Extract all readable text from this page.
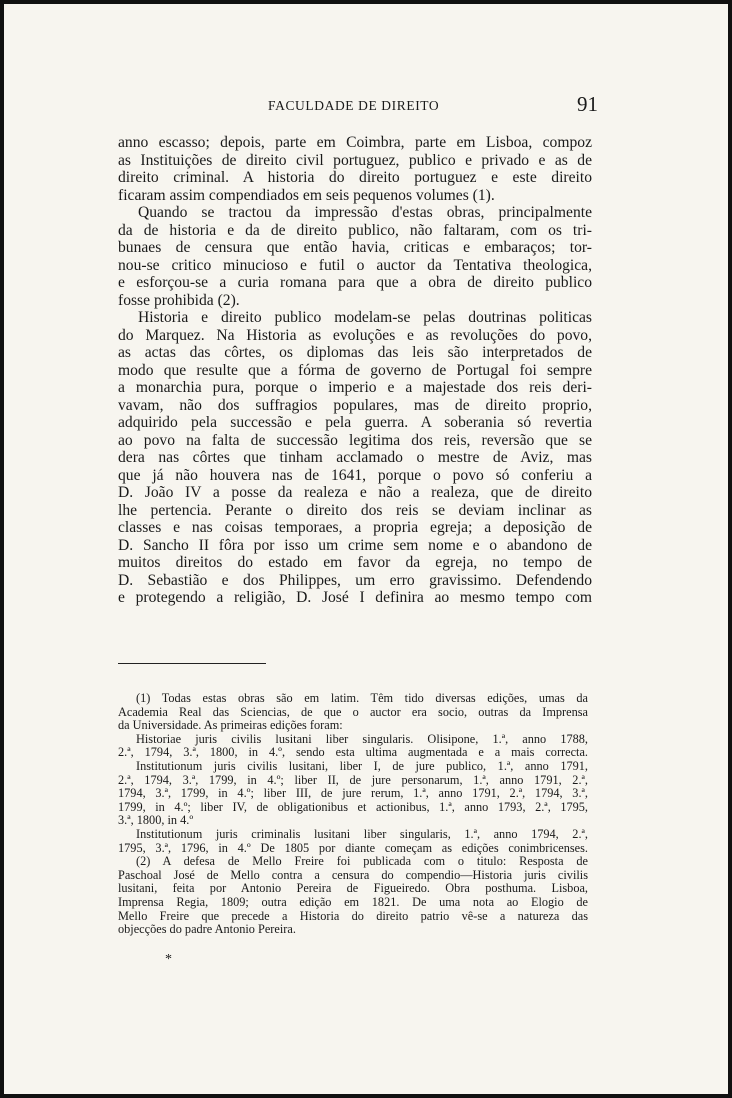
FACULDADE DE DIREITO	91
anno escasso; depois, parte em Coimbra, parte em Lisboa, compoz
as Instituições de direito civil portuguez, publico e privado e as de
direito criminal. A historia do direito portuguez e este direito
ficaram assim compendiados em seis pequenos volumes (1).
Quando se tractou da impressão d'estas obras, principalmente
da de historia e da de direito publico, não faltaram, com os tri-
bunaes de censura que então havia, criticas e embaraços; tor-
nou-se critico minucioso e futil o auctor da Tentativa theologica,
e esforçou-se a curia romana para que a obra de direito publico
fosse prohibida (2).
Historia e direito publico modelam-se pelas doutrinas politicas
do Marquez. Na Historia as evoluções e as revoluções do povo,
as actas das côrtes, os diplomas das leis são interpretados de
modo que resulte que a fórma de governo de Portugal foi sempre
a monarchia pura, porque o imperio e a majestade dos reis deri-
vavam, não dos suffragios populares, mas de direito proprio,
adquirido pela successão e pela guerra. A soberania só revertia
ao povo na falta de successão legitima dos reis, reversão que se
dera nas côrtes que tinham acclamado o mestre de Aviz, mas
que já não houvera nas de 1641, porque o povo só conferiu a
D. João IV a posse da realeza e não a realeza, que de direito
lhe pertencia. Perante o direito dos reis se deviam inclinar as
classes e nas coisas temporaes, a propria egreja; a deposição de
D. Sancho II fôra por isso um crime sem nome e o abandono de
muitos direitos do estado em favor da egreja, no tempo de
D. Sebastião e dos Philippes, um erro gravissimo. Defendendo
e protegendo a religião, D. José I definira ao mesmo tempo com
(1) Todas estas obras são em latim. Têm tido diversas edições, umas da
Academia Real das Sciencias, de que o auctor era socio, outras da Imprensa
da Universidade. As primeiras edições foram:
Historiae juris civilis lusitani liber singularis. Olisipone, 1.ª, anno 1788,
2.ª, 1794, 3.ª, 1800, in 4.º, sendo esta ultima augmentada e a mais correcta.
Institutionum juris civilis lusitani, liber I, de jure publico, 1.ª, anno 1791,
2.ª, 1794, 3.ª, 1799, in 4.º; liber II, de jure personarum, 1.ª, anno 1791, 2.ª,
1794, 3.ª, 1799, in 4.º; liber III, de jure rerum, 1.ª, anno 1791, 2.ª, 1794, 3.ª,
1799, in 4.º; liber IV, de obligationibus et actionibus, 1.ª, anno 1793, 2.ª, 1795,
3.ª, 1800, in 4.º
Institutionum juris criminalis lusitani liber singularis, 1.ª, anno 1794, 2.ª,
1795, 3.ª, 1796, in 4.º De 1805 por diante começam as edições conimbricenses.
(2) A defesa de Mello Freire foi publicada com o titulo: Resposta de
Paschoal José de Mello contra a censura do compendio—Historia juris civilis
lusitani, feita por Antonio Pereira de Figueiredo. Obra posthuma. Lisboa,
Imprensa Regia, 1809; outra edição em 1821. De uma nota ao Elogio de
Mello Freire que precede a Historia do direito patrio vê-se a natureza das
objecções do padre Antonio Pereira.
*
